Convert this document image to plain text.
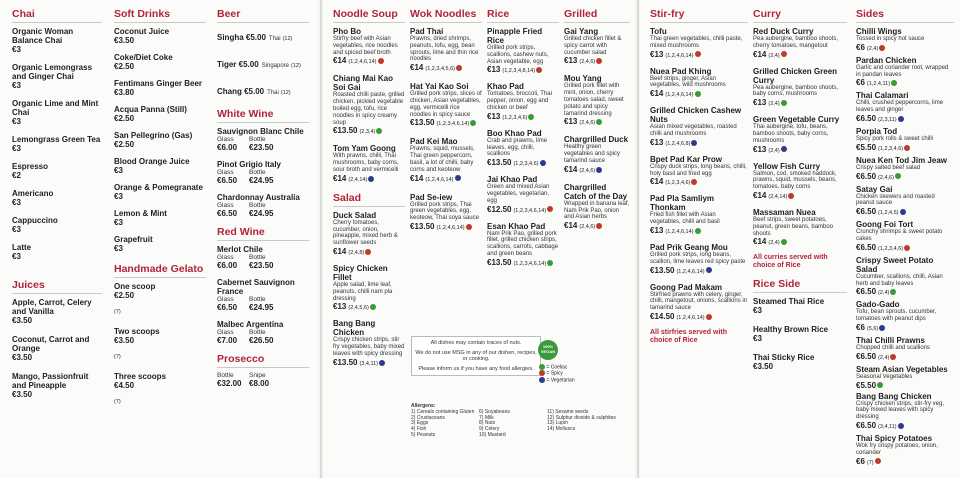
Chai
Organic Woman Balance Chai
€3
Organic Lemongrass and Ginger Chai
€3
Organic Lime and Mint Chai
€3
Lemongrass Green Tea
€3
Espresso
€2
Americano
€3
Cappuccino
€3
Latte
€3
Juices
Apple, Carrot, Celery and Vanilla
€3.50
Coconut, Carrot and Orange
€3.50
Mango, Passionfruit and Pineapple
€3.50
Soft Drinks
Coconut Juice
€3.50
Coke/Diet Coke
€2.50
Fentimans Ginger Beer
€3.80
Acqua Panna (Still)
€2.50
San Pellegrino (Gas)
€2.50
Blood Orange Juice
€3
Orange & Pomegranate
€3
Lemon & Mint
€3
Grapefruit
€3
Handmade Gelato
One scoop
€2.50
(7)
Two scoops
€3.50
(7)
Three scoops
€4.50
(7)
Beer
Singha €5.00 Thai (12)
Tiger €5.00 Singapore (12)
Chang €5.00 Thai (12)
White Wine
Sauvignon Blanc Chile
Glass	Bottle
€6.00	€23.50
Pinot Grigio Italy
Glass	Bottle
€6.50	€24.95
Chardonnay Australia
Glass	Bottle
€6.50	€24.95
Red Wine
Merlot Chile
Glass	Bottle
€6.00	€23.50
Cabernet Sauvignon France
Glass	Bottle
€6.50	€24.95
Malbec Argentina
Glass	Bottle
€7.00	€26.50
Prosecco
Bottle	Snipe
€32.00 €8.00
Noodle Soup
Pho Bo
Stirfry beef with Asian vegetables, rice noodles and spiced beef broth
€14 (1,2,4,6,14)
Chiang Mai Kao Soi Gai
Roasted chilli paste, grilled chicken, pickled vegetable boiled egg, tofu, rice noodles in spicy creamy soup
€13.50 (2,3,4)
Tom Yam Goong
With prawns, chilli, Thai mushrooms, baby corns, sour broth and vermicelli
€14 (2,4,14)
Salad
Duck Salad
Cherry tomatoes, cucumber, onion, pineapple, mixed herb & sunflower seeds
€14 (2,4,8)
Spicy Chicken Fillet
Apple salad, lime leaf, peanuts, chilli nam pla dressing
€13 (2,4,5,6)
Bang Bang Chicken
Crispy chicken strips, stir fry vegetables, baby mixed leaves with spicy dressing
€13.50 (3,4,11)
Wok Noodles
Pad Thai
Prawns, dried shrimps, peanuts, tofu, egg, bean sprouts, lime and thin rice noodles
€14 (1,2,3,4,5,6)
Hat Yai Kao Soi
Grilled pork strips, slices of chicken, Asian vegetables, egg, vermicelli rice noodles in spicy sauce
€13.50 (1,2,3,4,6,14)
Pad Kei Mao
Prawns, squid, mussels, Thai green peppercorn, basil, a lot of chilli, baby corns and keoteow
€14 (1,2,4,6,14)
Pad Se-iew
Grilled pork strips, Thai green vegetables, egg, keoteow, Thai soya sauce
€13.50 (1,2,4,6,14)
Rice
Pinapple Fried Rice
Grilled pork strips, scallions, cashew nuts, Asian vegetable, egg
€13 (1,2,3,4,8,14)
Khao Pad
Tomatoes, broccoli, Thai pepper, onion, egg and chicken or beef
€13 (1,2,3,4,6)
Boo Khao Pad
Crab and prawns, lime leaves, egg, chilli, scallions
€13.50 (1,2,3,4,6)
Jai Khao Pad
Green and mixed Asian vegetables, vegetarian, egg
€12.50 (1,2,3,4,6,14)
Esan Khao Pad
Nam Prik Pao, grilled pork fillet, grilled chicken strips, scallions, carrots, cabbage and green beans
€13.50 (1,2,3,4,6,14)
Grilled
Gai Yang
Grilled chicken fillet & spicy carrot with cucumber salad
€13 (2,4,6)
Mou Yang
Grilled pork fillet with mint, onion, cherry tomatoes salad, sweet potato and spicy tamarind dressing
€13 (2,4,6)
Chargrilled Duck
Healthy green vegetables and spicy tamarind sauce
€14 (2,4,6)
Chargrilled Catch of the Day
Wrapped in banana leaf, Nam Prik Pao, onion and Asian herbs
€14 (2,4,6)
All dishes may contain traces of nuts.
We do not use MSG in any of our dishen, recipes, or cooking.
Please inform us if you have any food allergies.
100% VEGAN
= Coeliac
= Spicy
= Vegetarian
Allergens:
1) Cereals containing Gluten
2) Crustaceans
3) Eggs
4) Fish
5) Peanuts
6) Soyabeans
7) Milk
8) Nuts
9) Celery
10) Mustard
11) Sesame seeds
12) Sulphur dioxide & sulphites
13) Lupin
14) Molluscs
Stir-fry
Tofu
Thai green vegetables, chilli paste, mixed mushrooms
€13 (1,2,4,6,14)
Nuea Pad Khing
Beef strips, ginger, Asian vegetables, wild mushrooms
€14 (1,2,4,6,14)
Grilled Chicken Cashew Nuts
Asian mixed vegetables, roasted chilli and mushrooms
€13 (1,2,4,6,8)
Bpet Pad Kar Prow
Crispy duck strips, long beans, chilli, holy basil and fried egg
€14 (1,2,3,4,6)
Pad Pla Samliym Thonkam
Fried fish fillet with Asian vegetables, chilli and basil
€13 (1,2,4,6,14)
Pad Prik Geang Mou
Grilled pork strips, long beans, scallion, lime leaves red spicy paste
€13.50 (1,2,4,6,14)
Goong Pad Makam
Stirfried prawns with celery, ginger, chilli, mangetout, onions, scallions in tamarind sauce
€14.50 (1,2,4,6,14)
All stirfries served with choice of Rice
Curry
Red Duck Curry
Pea aubergine, bamboo shoots, cherry tomatoes, mangetout
€14 (2,4)
Grilled Chicken Green Curry
Pea aubergine, bamboo shoots, baby corns, mushrooms
€13 (2,4)
Green Vegetable Curry
Thai aubergine, tofu, beans, bamboo shoots, baby corns, mushrooms
€13 (2,4)
Yellow Fish Curry
Salmon, cod, smoked haddock, prawns, squid, mussels, beans, tomatoes, baby corns
€14 (2,4,14)
Massaman Nuea
Beef strips, sweet potatoes, peanut, green beans, bamboo shoots
€14 (2,4)
All curries served with choice of Rice
Rice Side
Steamed Thai Rice
€3
Healthy Brown Rice
€3
Thai Sticky Rice
€3.50
Sides
Chilli Wings
Tossed in spicy hot sauce
€6 (2,4)
Pardan Chicken
Garlic and coriander root, wrapped in pandan leaves
€6 (1,2,4,11)
Thai Calamari
Chilli, crushed peppercorns, lime leaves and ginger
€6.50 (2,3,11)
Porpia Tod
Spicy pork rolls & sweet chilli
€5.50 (1,2,3,4,6)
Nuea Ken Tod Jim Jeaw
Crispy salted beef salad
€6.50 (2,4,6)
Satay Gai
Chicken skewers and roasted peanut sauce
€6.50 (1,2,4,5)
Goong Foi Tort
Crunchy shrimps & sweet potato cakes
€6.50 (1,2,3,4,6)
Crispy Sweet Potato Salad
Cucumber, scallions, chilli, Asian herb and baby leaves
€6.50 (2,4)
Gado-Gado
Tofu, bean sprouts, cucumber, tomatoes with peanut dips
€6 (5,6)
Thai Chilli Prawns
Chopped chilli and scallions
€6.50 (2,4)
Steam Asian Vegetables
Seasonal Vegetables
€5.50
Bang Bang Chicken
Crispy chicken strips, stir-fry veg, baby mixed leaves with spicy dressing
€6.50 (3,4,11)
Thai Spicy Potatoes
Wok fry crispy potatoes, onion, coriander
€6 (7)
